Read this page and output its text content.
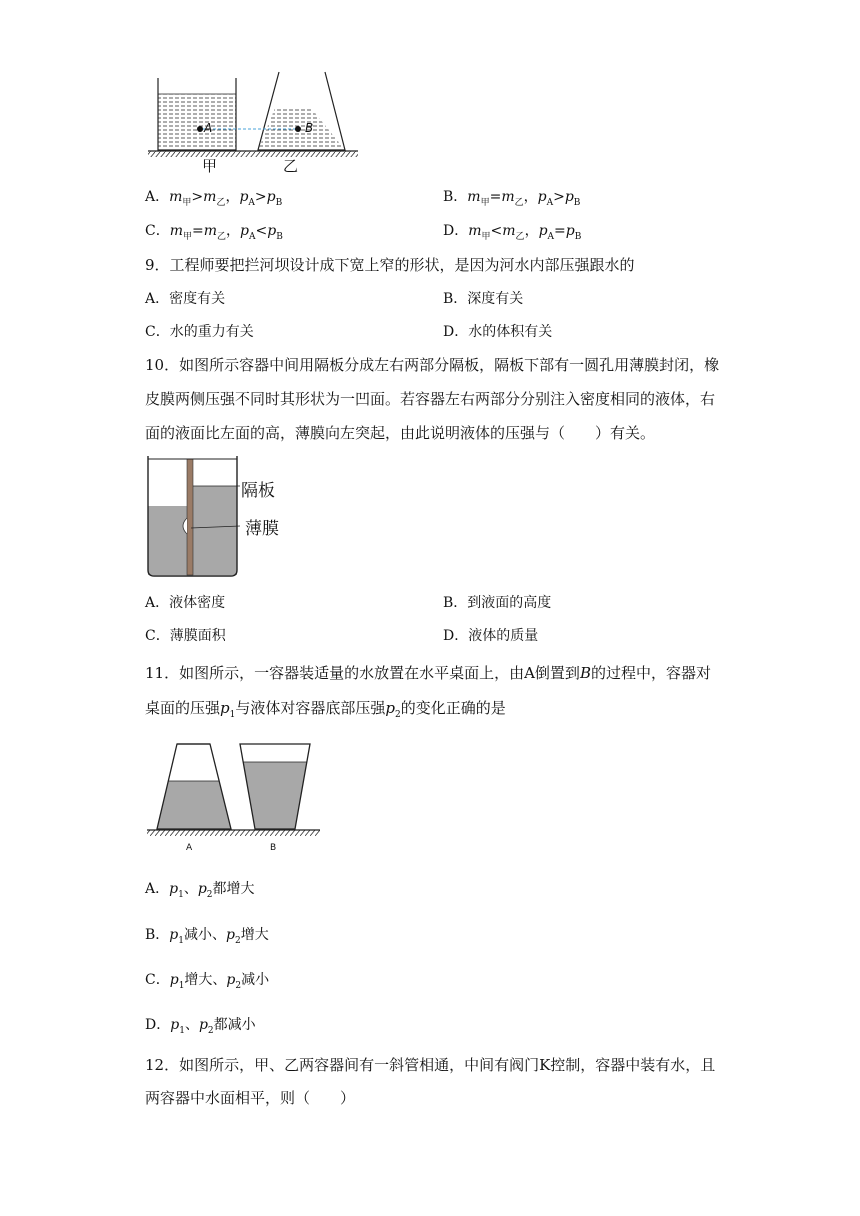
A	B
甲	乙
A．$m_甲>m_乙$，$p_A>p_B$	B．$m_甲=m_乙$，$p_A>p_B$
C．$m_甲=m_乙$，$p_A<p_B$	D．$m_甲<m_乙$，$p_A=p_B$
9．工程师要把拦河坝设计成下宽上窄的形状，是因为河水内部压强跟水的
A．密度有关	B．深度有关
C．水的重力有关	D．水的体积有关
10．如图所示容器中间用隔板分成左右两部分隔板，隔板下部有一圆孔用薄膜封闭，橡
皮膜两侧压强不同时其形状为一凹面。若容器左右两部分分别注入密度相同的液体，右
面的液面比左面的高，薄膜向左突起，由此说明液体的压强与（　　）有关。
隔板
薄膜
A．液体密度	B．到液面的高度
C．薄膜面积	D．液体的质量
11．如图所示，一容器装适量的水放置在水平桌面上，由A倒置到B的过程中，容器对
桌面的压强$p_1$与液体对容器底部压强$p_2$的变化正确的是
A	B
A．$p_1$、$p_2$都增大
B．$p_1$减小、$p_2$增大
C．$p_1$增大、$p_2$减小
D．$p_1$、$p_2$都减小
12．如图所示，甲、乙两容器间有一斜管相通，中间有阀门K控制，容器中装有水，且
两容器中水面相平，则（　　）
